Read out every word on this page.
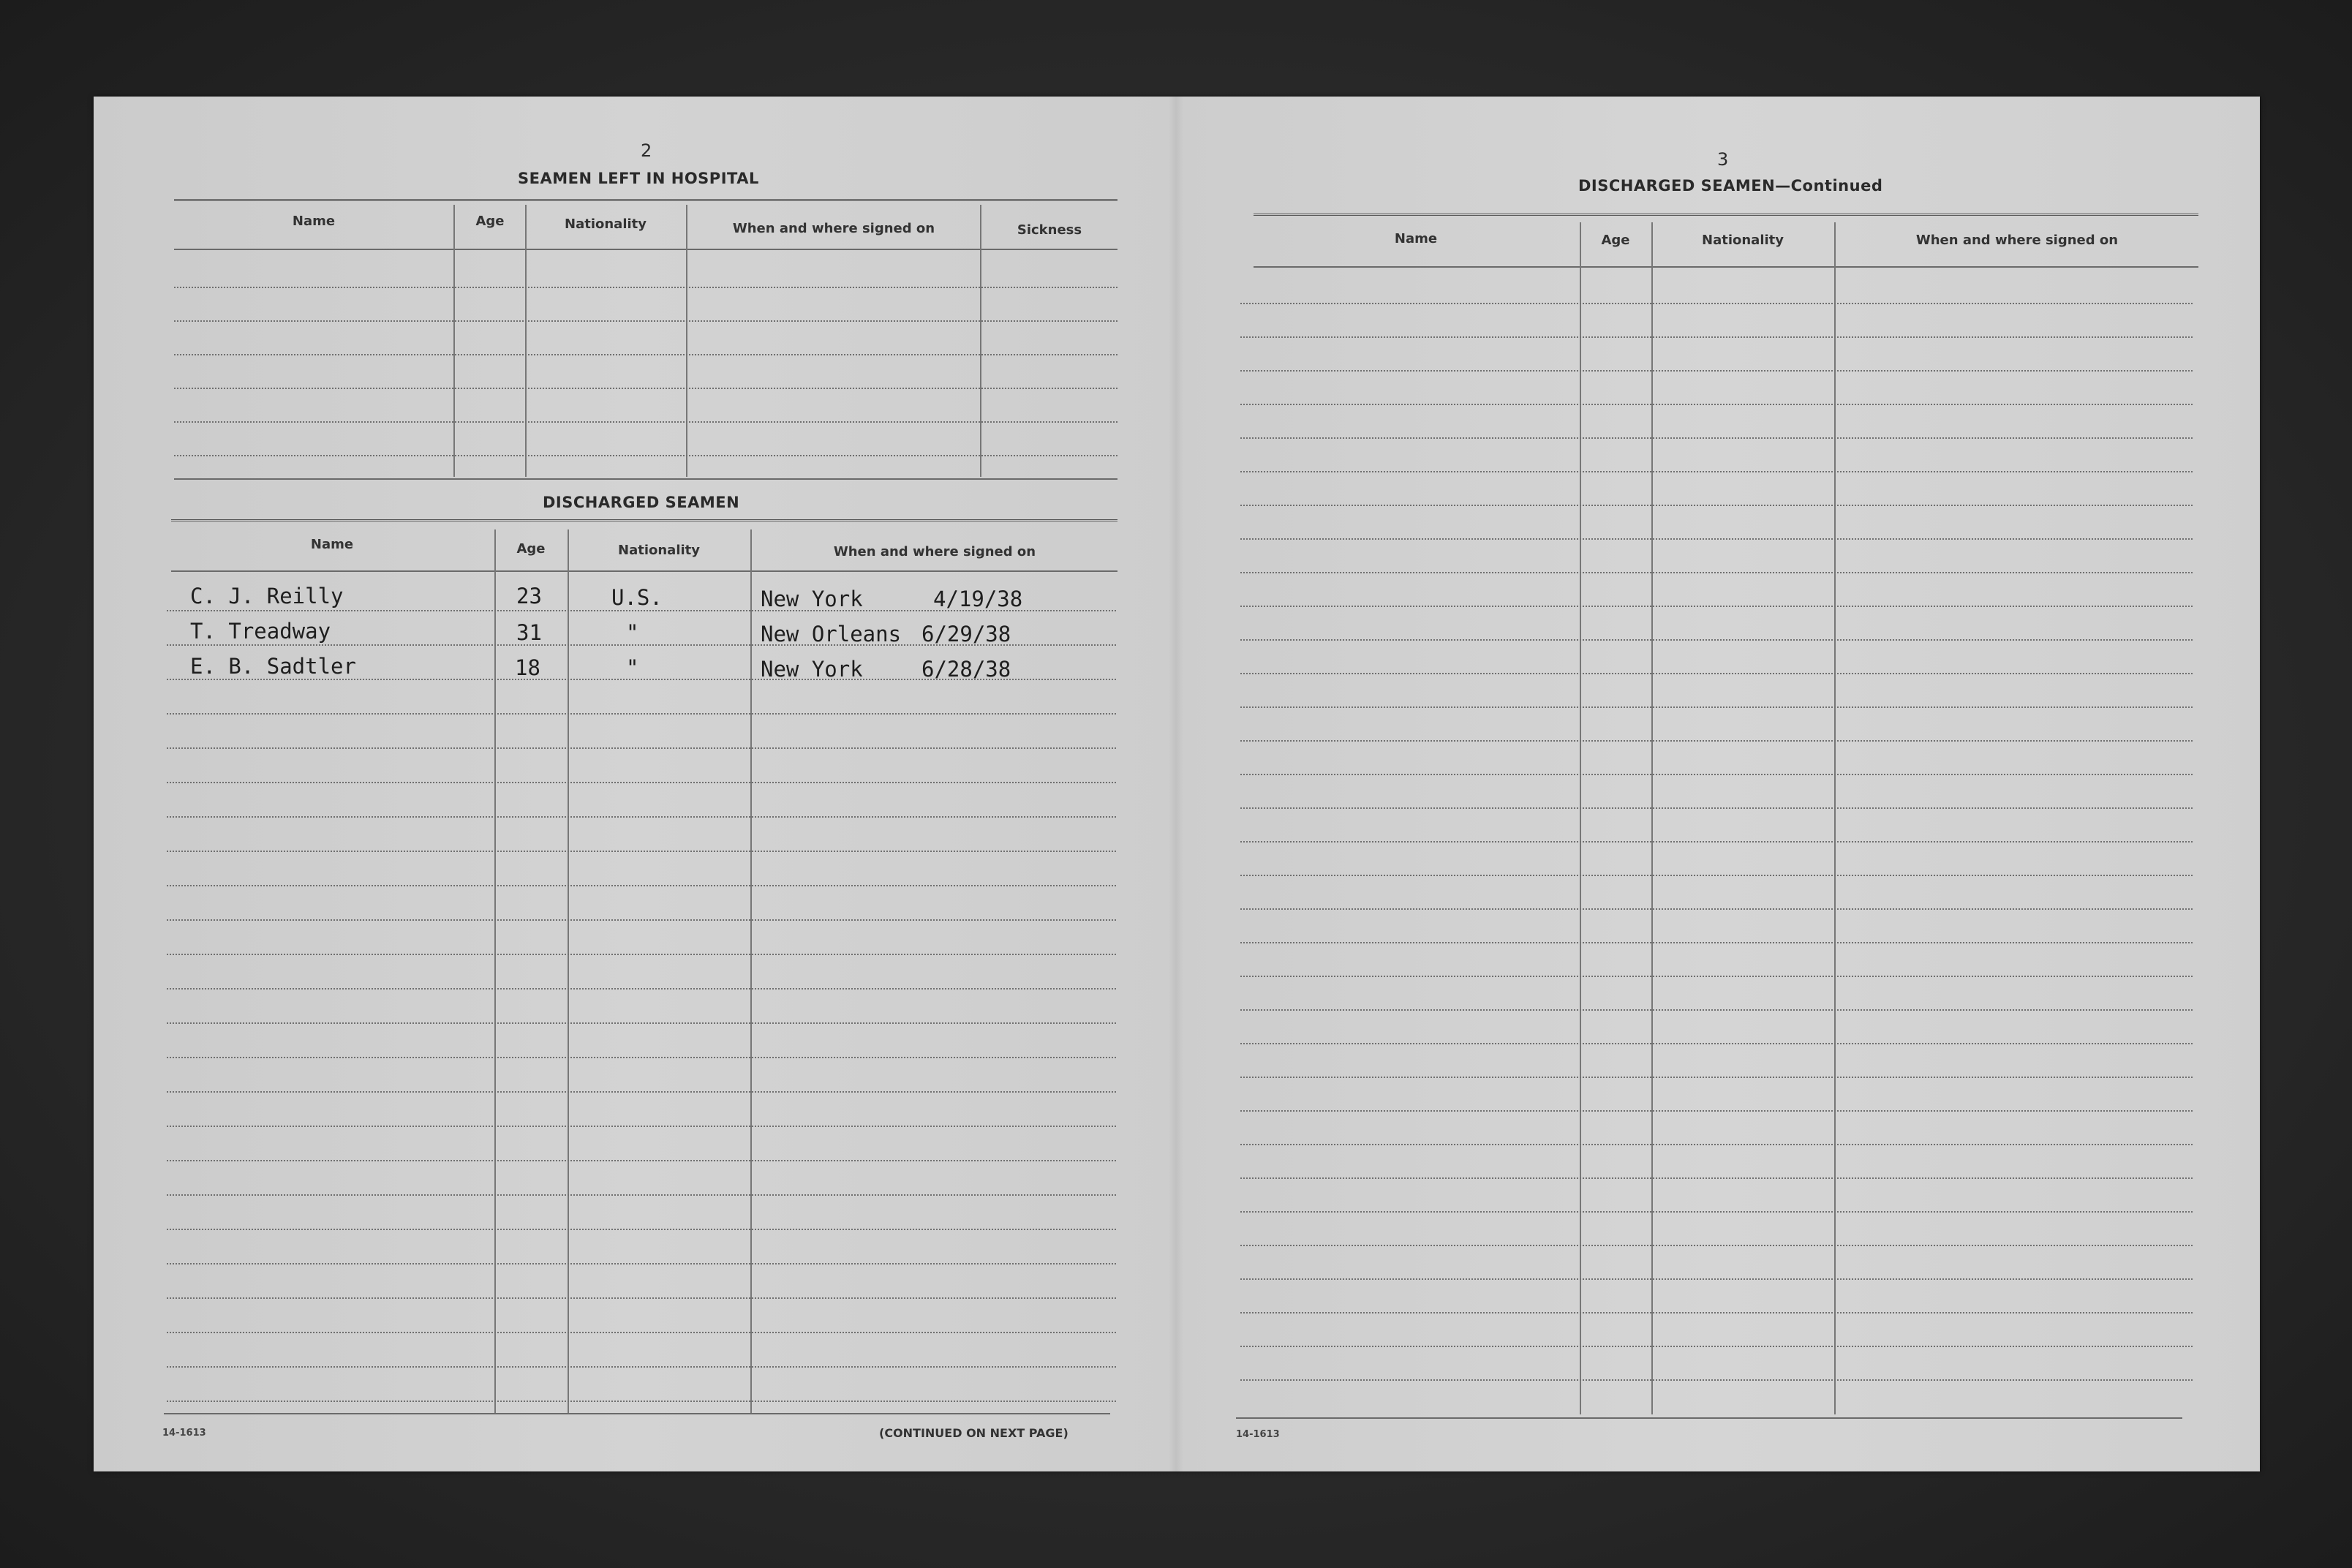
2
SEAMEN LEFT IN HOSPITAL
Name	Age	Nationality	When and where signed on	Sickness
DISCHARGED SEAMEN
Name	Age	Nationality	When and where signed on
C. J. Reilly	23	U.S.	New York	4/19/38
T. Treadway	31	"	New Orleans 6/29/38
E. B. Sadtler	18	"	New York	6/28/38
14-1613	(CONTINUED ON NEXT PAGE)
3
DISCHARGED SEAMEN—Continued
Name	Age	Nationality	When and where signed on
14-1613
